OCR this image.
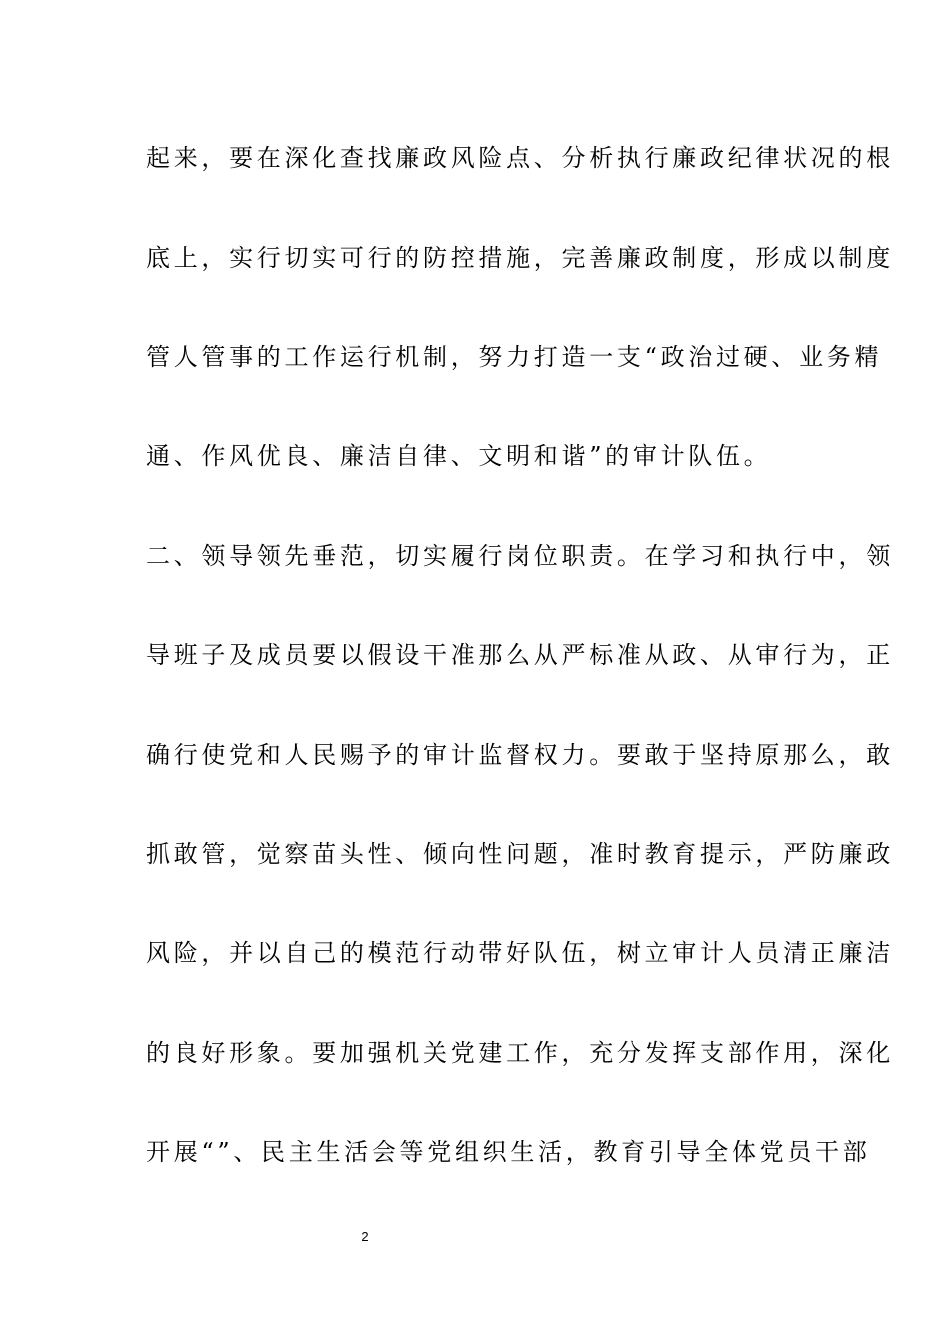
起来，要在深化查找廉政风险点、分析执行廉政纪律状况的根
底上，实行切实可行的防控措施，完善廉政制度，形成以制度
管人管事的工作运行机制，努力打造一支“政治过硬、业务精
通、作风优良、廉洁自律、文明和谐”的审计队伍。
二、领导领先垂范，切实履行岗位职责。在学习和执行中，领
导班子及成员要以假设干准那么从严标准从政、从审行为，正
确行使党和人民赐予的审计监督权力。要敢于坚持原那么，敢
抓敢管，觉察苗头性、倾向性问题，准时教育提示，严防廉政
风险，并以自己的模范行动带好队伍，树立审计人员清正廉洁
的良好形象。要加强机关党建工作，充分发挥支部作用，深化
开展“”、民主生活会等党组织生活，教育引导全体党员干部
2
